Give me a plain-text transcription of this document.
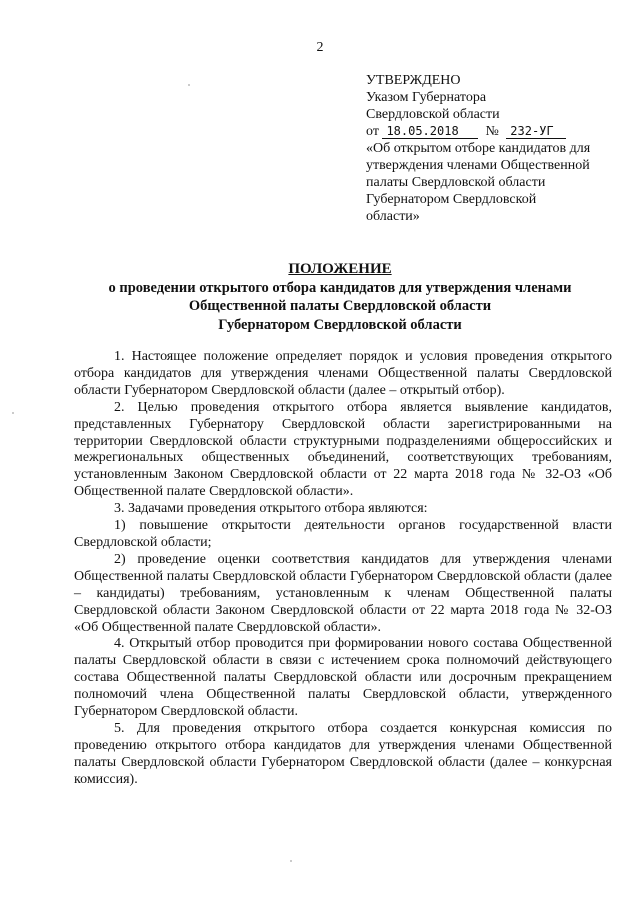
2
УТВЕРЖДЕНО
Указом Губернатора
Свердловской области
от 18.05.2018 № 232-УГ
«Об открытом отборе кандидатов для
утверждения членами Общественной
палаты Свердловской области
Губернатором Свердловской
области»
ПОЛОЖЕНИЕ
о проведении открытого отбора кандидатов для утверждения членами
Общественной палаты Свердловской области
Губернатором Свердловской области

1. Настоящее положение определяет порядок и условия проведения открытого отбора кандидатов для утверждения членами Общественной палаты Свердловской области Губернатором Свердловской области (далее – открытый отбор).

2. Целью проведения открытого отбора является выявление кандидатов, представленных Губернатору Свердловской области зарегистрированными на территории Свердловской области структурными подразделениями общероссийских и межрегиональных общественных объединений, соответствующих требованиям, установленным Законом Свердловской области от 22 марта 2018 года № 32-ОЗ «Об Общественной палате Свердловской области».

3. Задачами проведения открытого отбора являются:

1) повышение открытости деятельности органов государственной власти Свердловской области;

2) проведение оценки соответствия кандидатов для утверждения членами Общественной палаты Свердловской области Губернатором Свердловской области (далее – кандидаты) требованиям, установленным к членам Общественной палаты Свердловской области Законом Свердловской области от 22 марта 2018 года № 32-ОЗ «Об Общественной палате Свердловской области».

4. Открытый отбор проводится при формировании нового состава Общественной палаты Свердловской области в связи с истечением срока полномочий действующего состава Общественной палаты Свердловской области или досрочным прекращением полномочий члена Общественной палаты Свердловской области, утвержденного Губернатором Свердловской области.

5. Для проведения открытого отбора создается конкурсная комиссия по проведению открытого отбора кандидатов для утверждения членами Общественной палаты Свердловской области Губернатором Свердловской области (далее – конкурсная комиссия).
